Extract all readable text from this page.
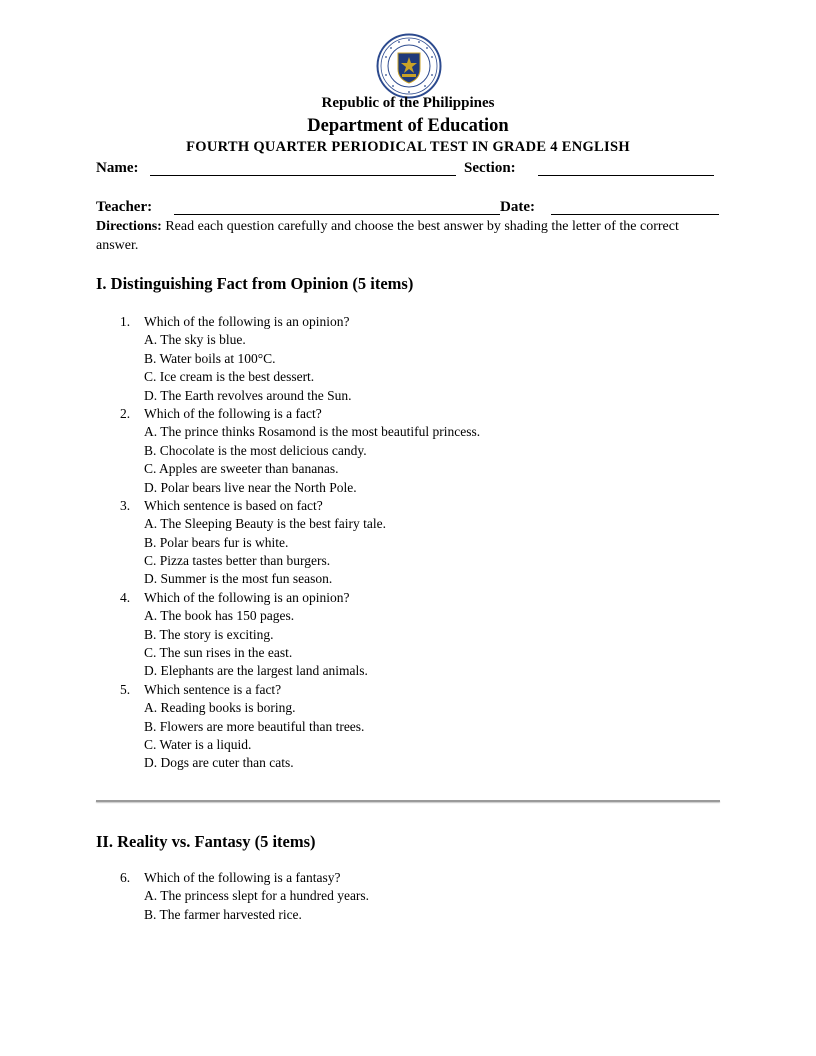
Republic of the Philippines
Department of Education
FOURTH QUARTER PERIODICAL TEST IN GRADE 4 ENGLISH
Name:	Section:
Teacher:	Date:
Directions: Read each question carefully and choose the best answer by shading the letter of the correct answer.
I. Distinguishing Fact from Opinion (5 items)
1. Which of the following is an opinion?
A. The sky is blue.
B. Water boils at 100°C.
C. Ice cream is the best dessert.
D. The Earth revolves around the Sun.
2. Which of the following is a fact?
A. The prince thinks Rosamond is the most beautiful princess.
B. Chocolate is the most delicious candy.
C. Apples are sweeter than bananas.
D. Polar bears live near the North Pole.
3. Which sentence is based on fact?
A. The Sleeping Beauty is the best fairy tale.
B. Polar bears fur is white.
C. Pizza tastes better than burgers.
D. Summer is the most fun season.
4. Which of the following is an opinion?
A. The book has 150 pages.
B. The story is exciting.
C. The sun rises in the east.
D. Elephants are the largest land animals.
5. Which sentence is a fact?
A. Reading books is boring.
B. Flowers are more beautiful than trees.
C. Water is a liquid.
D. Dogs are cuter than cats.
II. Reality vs. Fantasy (5 items)
6. Which of the following is a fantasy?
A. The princess slept for a hundred years.
B. The farmer harvested rice.
